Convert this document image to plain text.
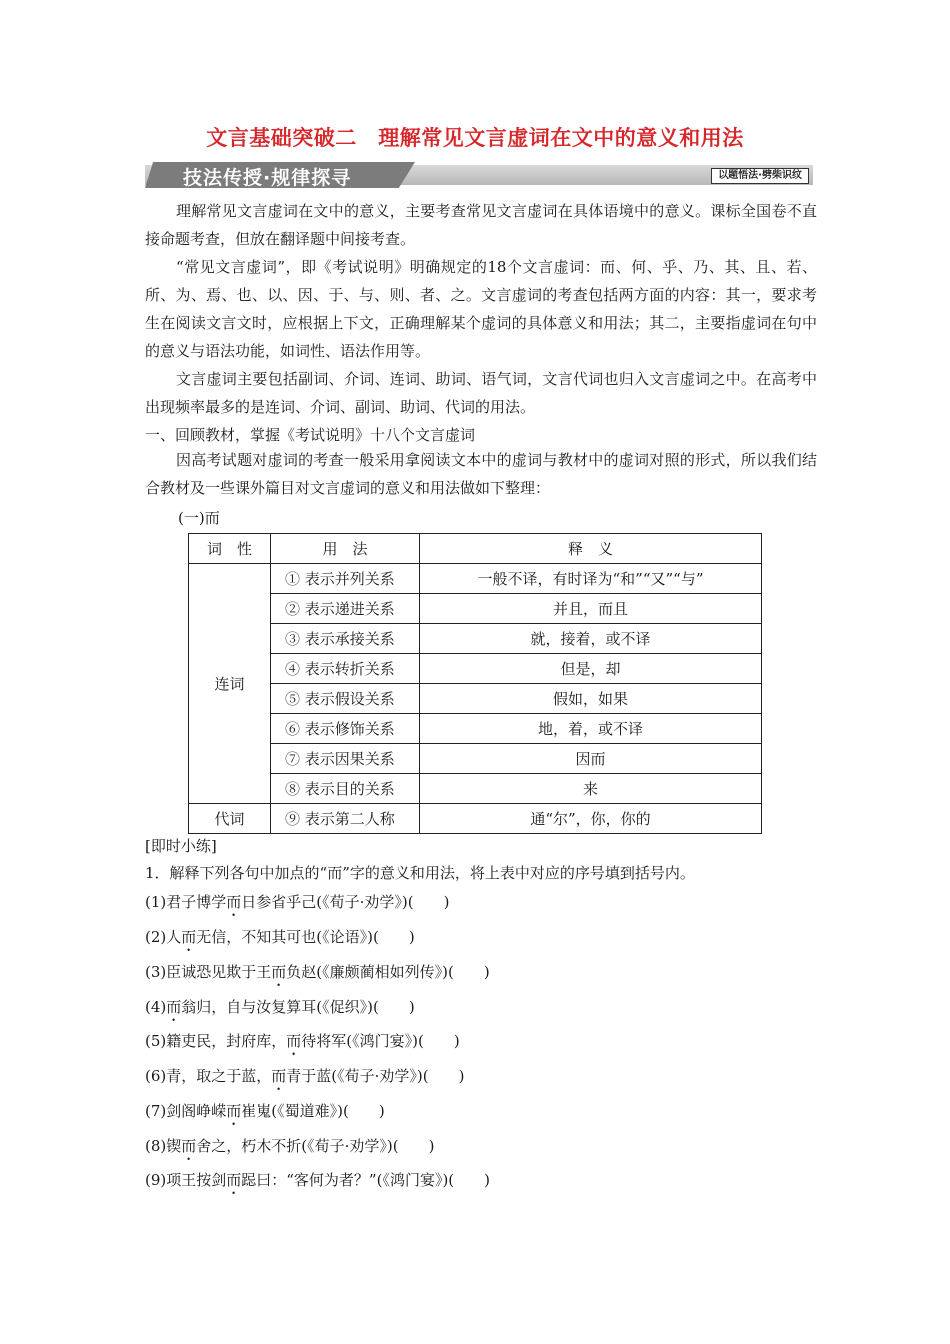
文言基础突破二　理解常见文言虚词在文中的意义和用法
技法传授·规律探寻	以题悟法·劈柴识纹

理解常见文言虚词在文中的意义，主要考查常见文言虚词在具体语境中的意义。课标全国卷不直接命题考查，但放在翻译题中间接考查。

“常见文言虚词”，即《考试说明》明确规定的18个文言虚词：而、何、乎、乃、其、且、若、所、为、焉、也、以、因、于、与、则、者、之。文言虚词的考查包括两方面的内容：其一，要求考生在阅读文言文时，应根据上下文，正确理解某个虚词的具体意义和用法；其二，主要指虚词在句中的意义与语法功能，如词性、语法作用等。

文言虚词主要包括副词、介词、连词、助词、语气词，文言代词也归入文言虚词之中。在高考中出现频率最多的是连词、介词、副词、助词、代词的用法。

一、回顾教材，掌握《考试说明》十八个文言虚词

因高考试题对虚词的考查一般采用拿阅读文本中的虚词与教材中的虚词对照的形式，所以我们结合教材及一些课外篇目对文言虚词的意义和用法做如下整理：

(一)而
词　性	用　法	释　义
连词	① 表示并列关系	一般不译，有时译为“和”“又”“与”
	② 表示递进关系	并且，而且
	③ 表示承接关系	就，接着，或不译
	④ 表示转折关系	但是，却
	⑤ 表示假设关系	假如，如果
	⑥ 表示修饰关系	地，着，或不译
	⑦ 表示因果关系	因而
	⑧ 表示目的关系	来
代词	⑨ 表示第二人称	通“尔”，你，你的
[即时小练]
1．解释下列各句中加点的“而”字的意义和用法，将上表中对应的序号填到括号内。
(1)君子博学而日参省乎己(《荀子·劝学》)(　　)
(2)人而无信，不知其可也(《论语》)(　　)
(3)臣诚恐见欺于王而负赵(《廉颇蔺相如列传》)(　　)
(4)而翁归，自与汝复算耳(《促织》)(　　)
(5)籍吏民，封府库，而待将军(《鸿门宴》)(　　)
(6)青，取之于蓝，而青于蓝(《荀子·劝学》)(　　)
(7)剑阁峥嵘而崔嵬(《蜀道难》)(　　)
(8)锲而舍之，朽木不折(《荀子·劝学》)(　　)
(9)项王按剑而跽曰：“客何为者？”(《鸿门宴》)(　　)
